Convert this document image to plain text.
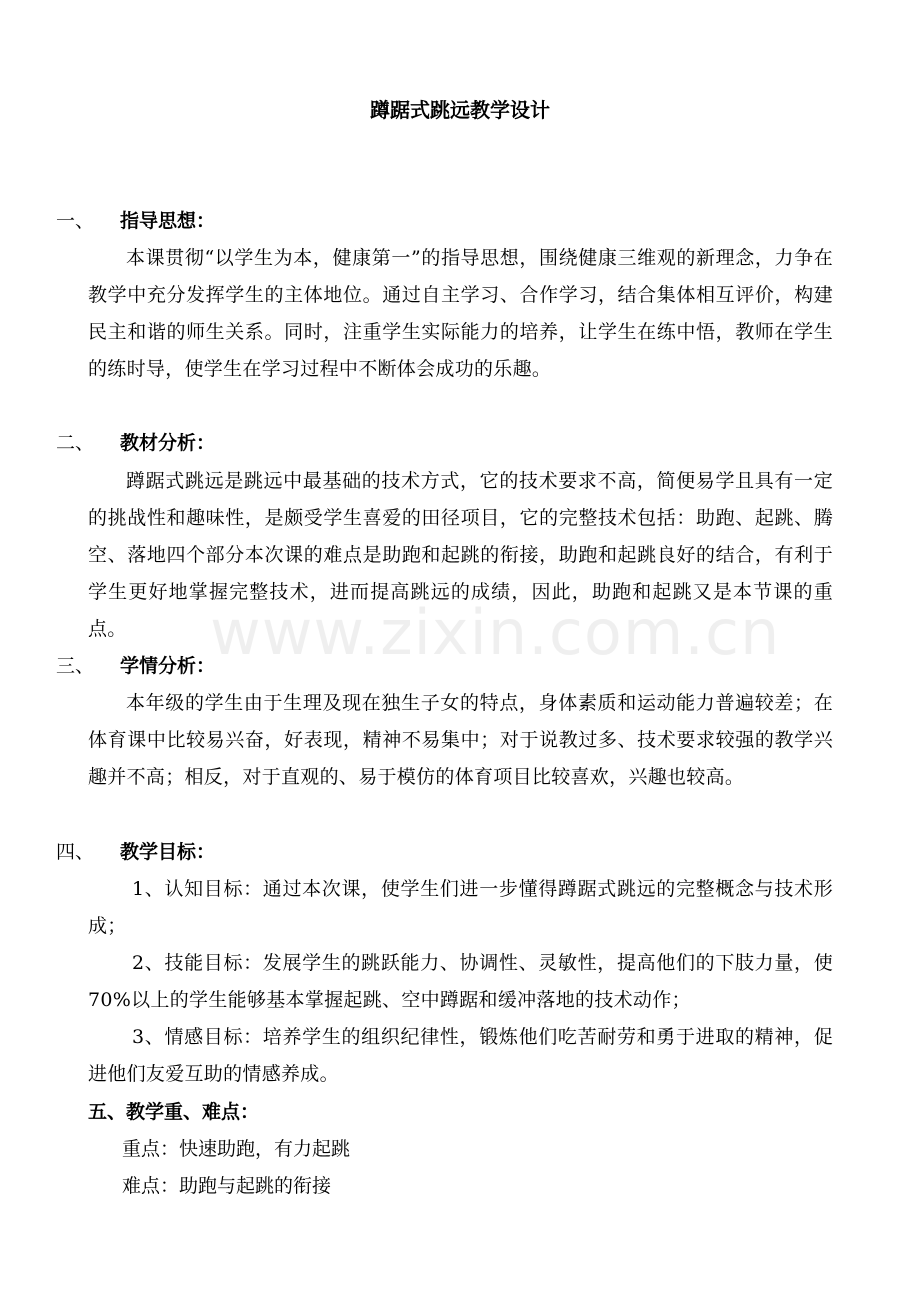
蹲踞式跳远教学设计
一、 指导思想：
本课贯彻“以学生为本，健康第一”的指导思想，围绕健康三维观的新理念，力争在教学中充分发挥学生的主体地位。通过自主学习、合作学习，结合集体相互评价，构建民主和谐的师生关系。同时，注重学生实际能力的培养，让学生在练中悟，教师在学生的练时导，使学生在学习过程中不断体会成功的乐趣。
二、 教材分析：
蹲踞式跳远是跳远中最基础的技术方式，它的技术要求不高，简便易学且具有一定的挑战性和趣味性，是颇受学生喜爱的田径项目，它的完整技术包括：助跑、起跳、腾空、落地四个部分本次课的难点是助跑和起跳的衔接，助跑和起跳良好的结合，有利于学生更好地掌握完整技术，进而提高跳远的成绩，因此，助跑和起跳又是本节课的重点。
三、 学情分析：
本年级的学生由于生理及现在独生子女的特点，身体素质和运动能力普遍较差；在体育课中比较易兴奋，好表现，精神不易集中；对于说教过多、技术要求较强的教学兴趣并不高；相反，对于直观的、易于模仿的体育项目比较喜欢，兴趣也较高。
四、 教学目标：
1、认知目标：通过本次课，使学生们进一步懂得蹲踞式跳远的完整概念与技术形成；
2、技能目标：发展学生的跳跃能力、协调性、灵敏性，提高他们的下肢力量，使 70%以上的学生能够基本掌握起跳、空中蹲踞和缓冲落地的技术动作；
3、情感目标：培养学生的组织纪律性，锻炼他们吃苦耐劳和勇于进取的精神，促进他们友爱互助的情感养成。
五、教学重、难点：
重点：快速助跑，有力起跳
难点：助跑与起跳的衔接
www.zixin.com.cn
